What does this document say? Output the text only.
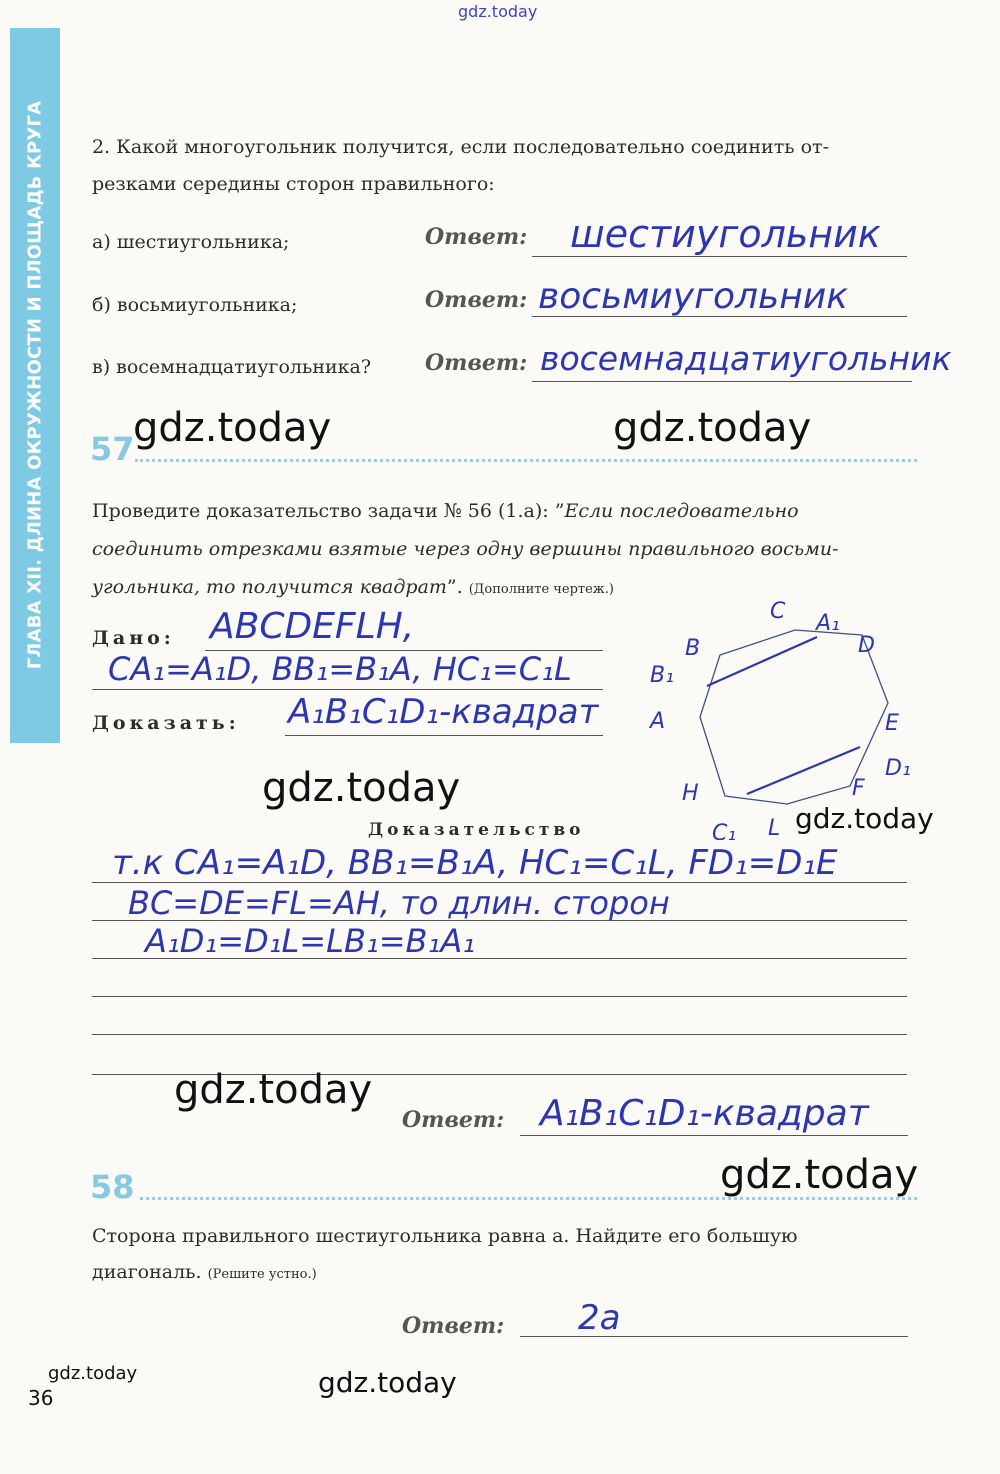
ГЛАВА XII. ДЛИНА ОКРУЖНОСТИ И ПЛОЩАДЬ КРУГА
gdz.today
2. Какой многоугольник получится, если последовательно соединить от-
резками середины сторон правильного:
а) шестиугольника;	Ответ: шестиугольник
б) восьмиугольника;	Ответ: восьмиугольник
в) восемнадцатиугольника? Ответ: восемнадцатиугольник
57
gdz.today	gdz.today
Проведите доказательство задачи № 56 (1.а): ”Если последовательно
соединить отрезками взятые через одну вершины правильного восьми-
угольника, то получится квадрат”. (Дополните чертеж.)
Дано: ABCDEFLH,
CA₁=A₁D, BB₁=B₁A, HC₁=C₁L
Доказать: A₁B₁C₁D₁-квадрат
C A₁
D
B
B₁
A	E
D₁
H	F
C₁ L
gdz.today
gdz.today
Доказательство
т.к CA₁=A₁D, BB₁=B₁A, HC₁=C₁L, FD₁=D₁E
BC=DE=FL=AH, то длин. сторон
A₁D₁=D₁L=LB₁=B₁A₁
gdz.today
Ответ: A₁B₁C₁D₁-квадрат
58	gdz.today
Сторона правильного шестиугольника равна a. Найдите его большую
диагональ. (Решите устно.)
Ответ: 2a
gdz.today
36	gdz.today
